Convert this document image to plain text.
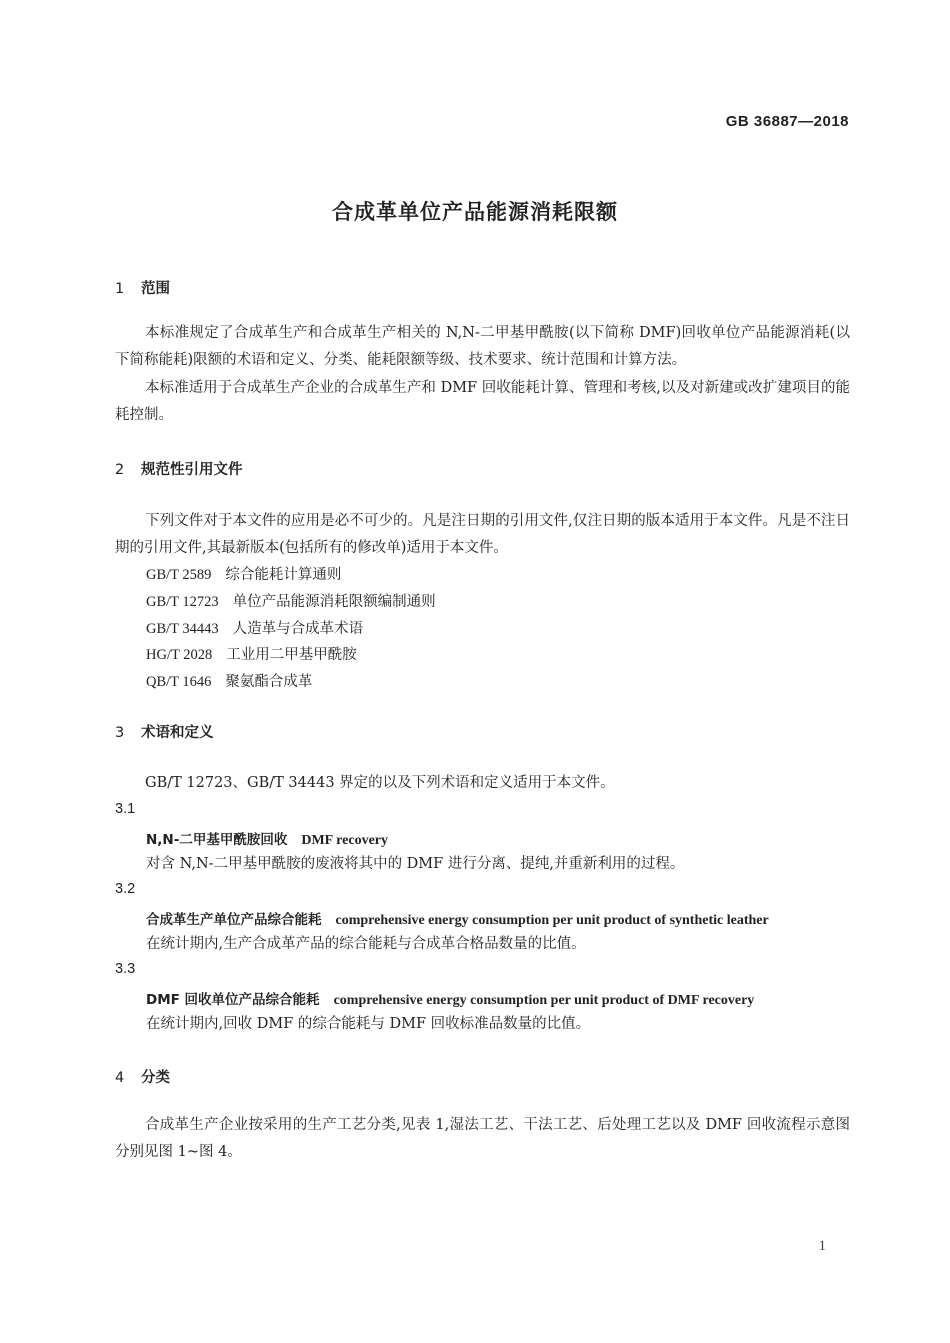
GB 36887—2018
合成革单位产品能源消耗限额
1 范围

本标准规定了合成革生产和合成革生产相关的 N,N-二甲基甲酰胺(以下简称 DMF)回收单位产品能源消耗(以下简称能耗)限额的术语和定义、分类、能耗限额等级、技术要求、统计范围和计算方法。

本标准适用于合成革生产企业的合成革生产和 DMF 回收能耗计算、管理和考核,以及对新建或改扩建项目的能耗控制。

2 规范性引用文件

下列文件对于本文件的应用是必不可少的。凡是注日期的引用文件,仅注日期的版本适用于本文件。凡是不注日期的引用文件,其最新版本(包括所有的修改单)适用于本文件。

GB/T 2589 综合能耗计算通则
GB/T 12723 单位产品能源消耗限额编制通则
GB/T 34443 人造革与合成革术语
HG/T 2028 工业用二甲基甲酰胺
QB/T 1646 聚氨酯合成革
3 术语和定义

GB/T 12723、GB/T 34443 界定的以及下列术语和定义适用于本文件。

3.1
N,N-二甲基甲酰胺回收 DMF recovery
对含 N,N-二甲基甲酰胺的废液将其中的 DMF 进行分离、提纯,并重新利用的过程。
3.2
合成革生产单位产品综合能耗 comprehensive energy consumption per unit product of synthetic leather
在统计期内,生产合成革产品的综合能耗与合成革合格品数量的比值。
3.3
DMF 回收单位产品综合能耗 comprehensive energy consumption per unit product of DMF recovery
在统计期内,回收 DMF 的综合能耗与 DMF 回收标准品数量的比值。
4 分类

合成革生产企业按采用的生产工艺分类,见表 1,湿法工艺、干法工艺、后处理工艺以及 DMF 回收流程示意图分别见图 1~图 4。

1
